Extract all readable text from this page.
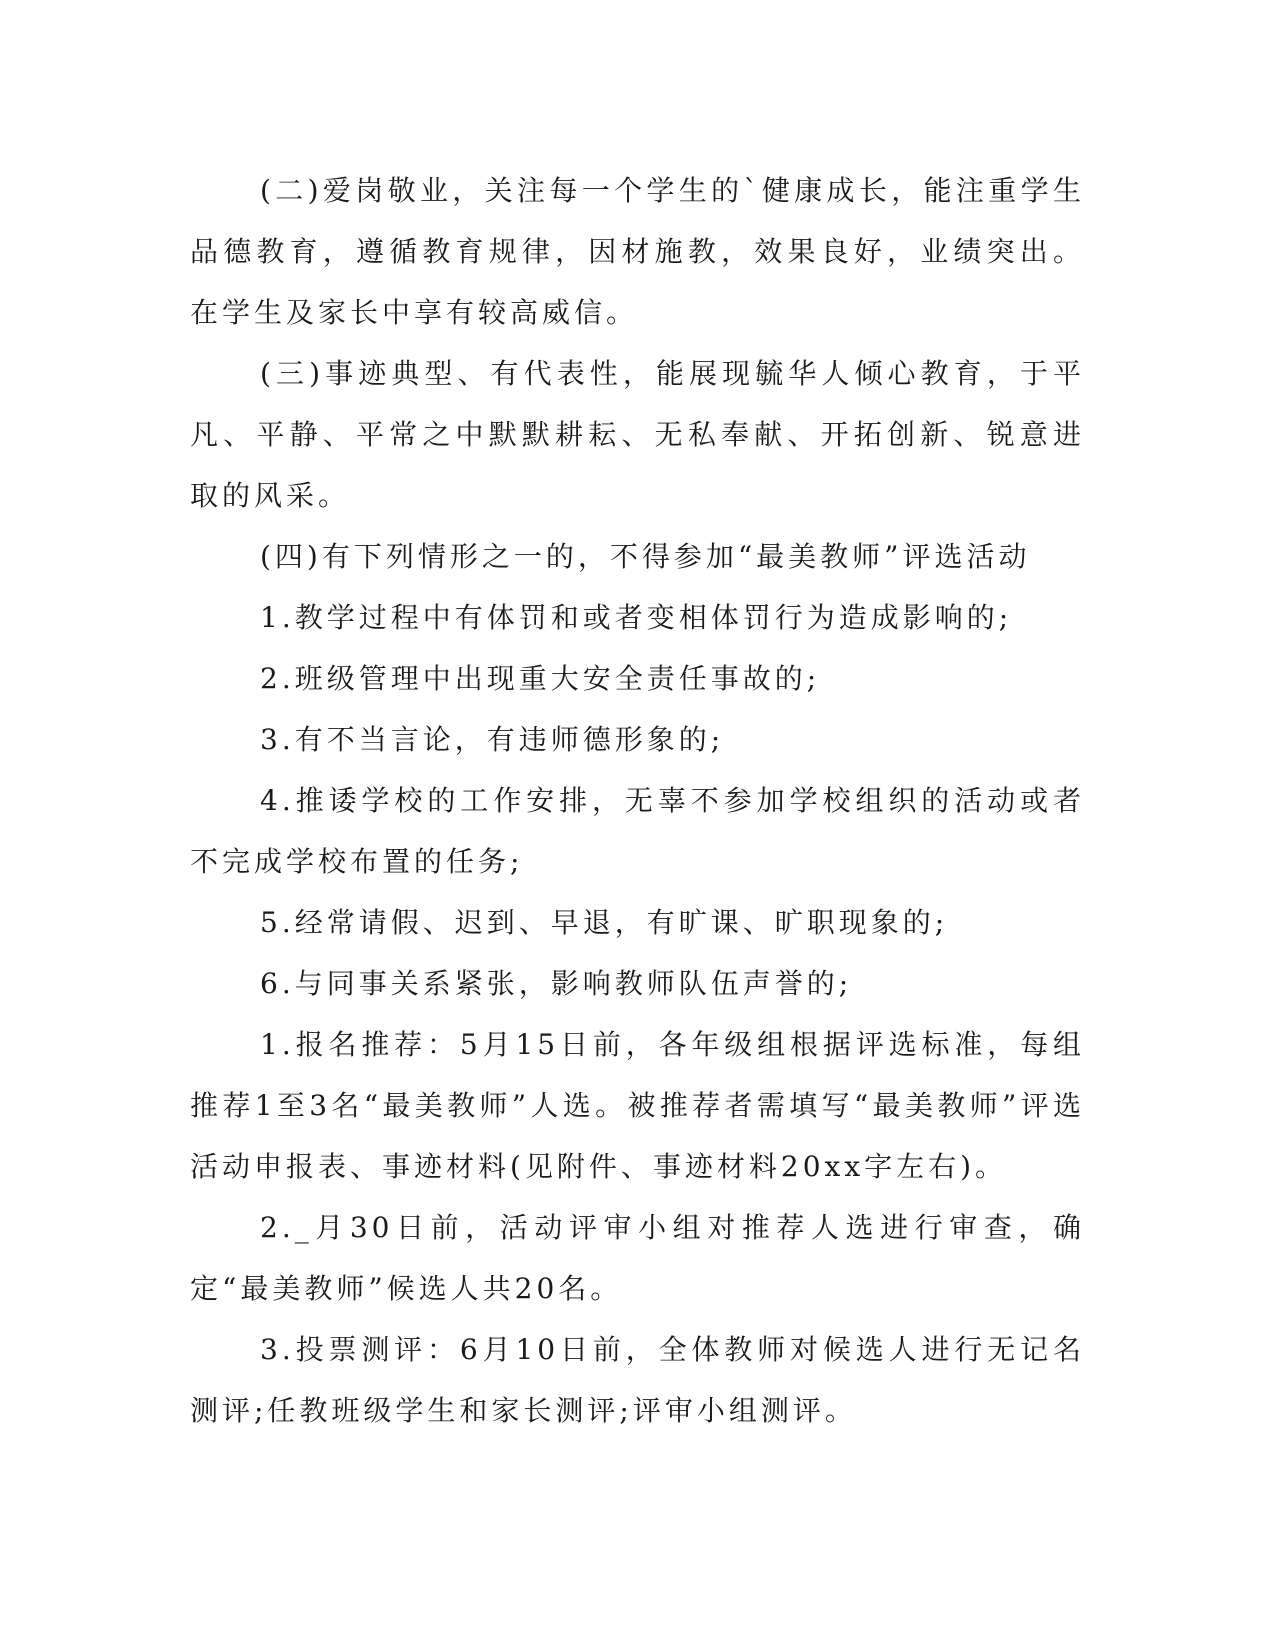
(二)爱岗敬业，关注每一个学生的`健康成长，能注重学生品德教育，遵循教育规律，因材施教，效果良好，业绩突出。在学生及家长中享有较高威信。

(三)事迹典型、有代表性，能展现毓华人倾心教育，于平凡、平静、平常之中默默耕耘、无私奉献、开拓创新、锐意进取的风采。

(四)有下列情形之一的，不得参加“最美教师”评选活动

1.教学过程中有体罚和或者变相体罚行为造成影响的;

2.班级管理中出现重大安全责任事故的;

3.有不当言论，有违师德形象的;

4.推诿学校的工作安排，无辜不参加学校组织的活动或者不完成学校布置的任务;

5.经常请假、迟到、早退，有旷课、旷职现象的;

6.与同事关系紧张，影响教师队伍声誉的;

1.报名推荐：5月15日前，各年级组根据评选标准，每组推荐1至3名“最美教师”人选。被推荐者需填写“最美教师”评选活动申报表、事迹材料(见附件、事迹材料20xx字左右)。

2._月30日前，活动评审小组对推荐人选进行审查，确定“最美教师”候选人共20名。

3.投票测评：6月10日前，全体教师对候选人进行无记名测评;任教班级学生和家长测评;评审小组测评。
